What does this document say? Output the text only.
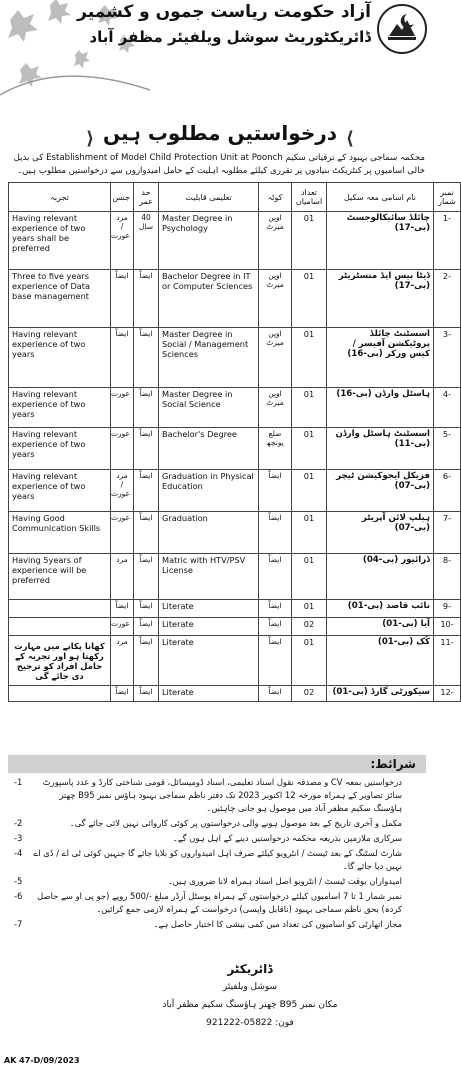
آزاد حکومت ریاست جموں و کشمیر
ڈائریکٹوریٹ سوشل ویلفیئر مظفر آباد
⟨ درخواستیں مطلوب ہیں ⟩
محکمہ سماجی بہبود کے ترقیاتی سکیم Establishment of Model Child Protection Unit at Poonch کی بذیل خالی اسامیوں پر کنٹریکٹ بنیادوں پر تقرری کیلئے مطلوبہ اہلیت کے حامل امیدواروں سے درخواستیں مطلوب ہیں۔
تجربہ	جنس	حد عمر	تعلیمی قابلیت	کوٹہ	تعداد اسامیاں	نام اسامی معہ سکیل	نمبر شمار
Having relevant experience of two years shall be preferred	مرد / عورت	40 سال	Master Degree in Psychology	اوپن میرٹ	01	چائلڈ سائیکالوجسٹ (بی-17)	1-
Three to five years experience of Data base management	ایضاً	ایضاً	Bachelor Degree in IT or Computer Sciences	اوپن میرٹ	01	ڈیٹا بیس ایڈ منسٹریٹر (بی-17)	2-
Having relevant experience of two years	ایضاً	ایضاً	Master Degree in Social / Management Sciences	اوپن میرٹ	01	اسسٹنٹ چائلڈ پروٹیکشن آفیسر / کیس ورکر (بی-16)	3-
Having relevant experience of two years	عورت	ایضاً	Master Degree in Social Science	اوپن میرٹ	01	ہاسٹل وارڈن (بی-16)	4-
Having relevant experience of two years	عورت	ایضاً	Bachelor's Degree	ضلع پونچھ	01	اسسٹنٹ ہاسٹل وارڈن (بی-11)	5-
Having relevant experience of two years	مرد / عورت	ایضاً	Graduation in Physical Education	ایضاً	01	فزیکل ایجوکیشن ٹیچر (بی-07)	6-
Having Good Communication Skills	عورت	ایضاً	Graduation	ایضاً	01	ہیلپ لائن آپریٹر (بی-07)	7-
Having 5years of experience will be preferred	مرد	ایضاً	Matric with HTV/PSV License	ایضاً	01	ڈرائیور (بی-04)	8-
	ایضاً	ایضاً	Literate	ایضاً	01	نائب قاصد (بی-01)	9-
	عورت	ایضاً	Literate	ایضاً	02	آیا (بی-01)	10-
کھانا پکانے میں مہارت رکھتا ہو اور تجربہ کے حامل افراد کو ترجیح دی جائے گی	مرد	ایضاً	Literate	ایضاً	01	کُک (بی-01)	11-
	ایضاً	ایضاً	Literate	ایضاً	02	سیکورٹی گارڈ (بی-01)	12-
شرائط:
درخواستیں بمعہ CV و مصدقہ نقول اسناد تعلیمی، اسناد ڈومیسائل، قومی شناختی کارڈ و عدد پاسپورٹ سائز تصاویر کے ہمراہ مورخہ 12 اکتوبر 2023 تک دفتر ناظم سماجی بہبود ہاؤس نمبر B95 چھتر ہاؤسنگ سکیم مظفر آباد میں موصول ہو جانی چاہئیں۔
-1
مکمل و آخری تاریخ کے بعد موصول ہونے والی درخواستوں پر کوئی کاروائی نہیں لائی جائے گی۔
-2
سرکاری ملازمین بذریعہ محکمہ درخواستیں دینے کے اہل ہوں گے۔
-3
شارٹ لسٹنگ کے بعد ٹیسٹ / انٹرویو کیلئے صرف اہل امیدواروں کو بلایا جائے گا جنہیں کوئی ٹی اے / ڈی اے نہیں دیا جائے گا۔
-4
امیدواران بوقت ٹیسٹ / انٹرویو اصل اسناد ہمراہ لانا ضروری ہیں۔
-5
نمبر شمار 1 تا 7 اسامیوں کیلئے درخواستوں کے ہمراہ پوسٹل آرڈر مبلغ -/500 روپے (جو پی او سے حاصل کردہ) بحق ناظم سماجی بہبود (ناقابل واپسی) درخواست کے ہمراہ لازمی جمع کرائیں۔
-6
مجاز اتھارٹی کو اسامیوں کی تعداد میں کمی بیشی کا اختیار حاصل ہے۔
-7
ڈائریکٹر
سوشل ویلفیئر
مکان نمبر B95 چھتر ہاؤسنگ سکیم مظفر آباد
فون: 05822-921222
AK 47-D/09/2023
